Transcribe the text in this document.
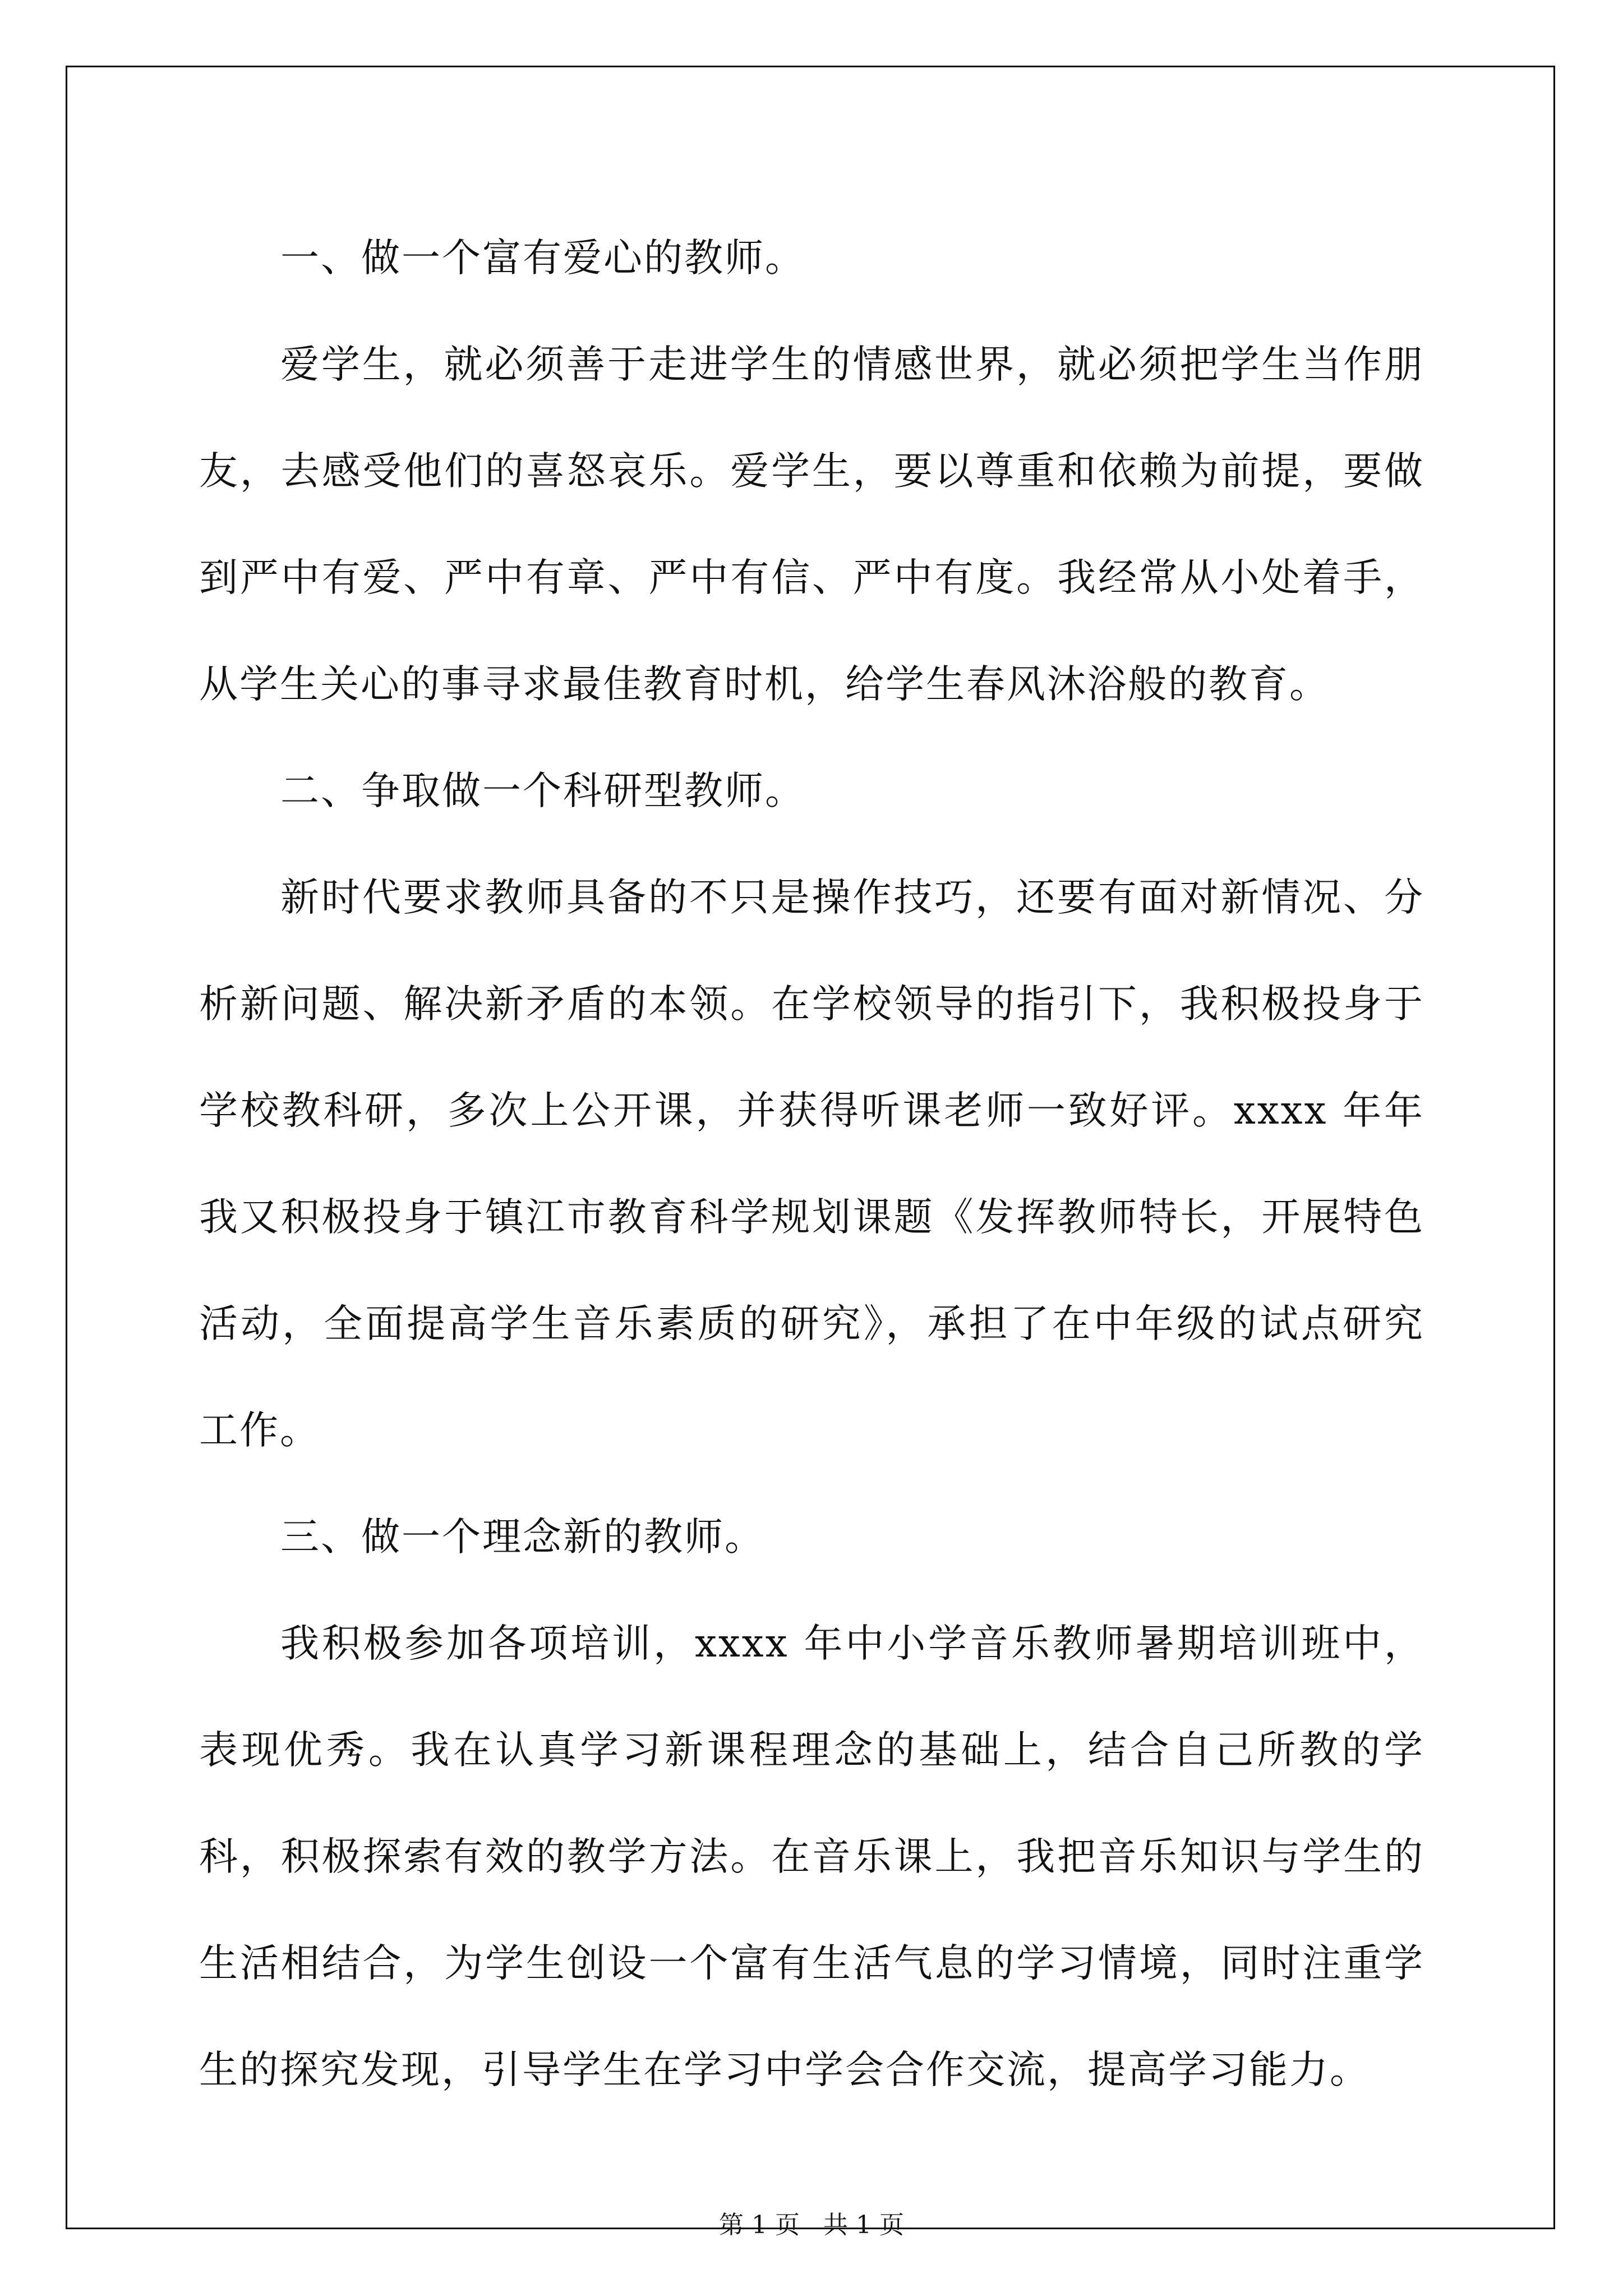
一、做一个富有爱心的教师。

爱学生，就必须善于走进学生的情感世界，就必须把学生当作朋友，去感受他们的喜怒哀乐。爱学生，要以尊重和依赖为前提，要做到严中有爱、严中有章、严中有信、严中有度。我经常从小处着手，从学生关心的事寻求最佳教育时机，给学生春风沐浴般的教育。

二、争取做一个科研型教师。

新时代要求教师具备的不只是操作技巧，还要有面对新情况、分析新问题、解决新矛盾的本领。在学校领导的指引下，我积极投身于学校教科研，多次上公开课，并获得听课老师一致好评。xxxx 年年我又积极投身于镇江市教育科学规划课题《发挥教师特长，开展特色活动，全面提高学生音乐素质的研究》，承担了在中年级的试点研究工作。

三、做一个理念新的教师。

我积极参加各项培训，xxxx 年中小学音乐教师暑期培训班中，表现优秀。我在认真学习新课程理念的基础上，结合自己所教的学科，积极探索有效的教学方法。在音乐课上，我把音乐知识与学生的生活相结合，为学生创设一个富有生活气息的学习情境，同时注重学生的探究发现，引导学生在学习中学会合作交流，提高学习能力。

第 1 页   共 1 页
